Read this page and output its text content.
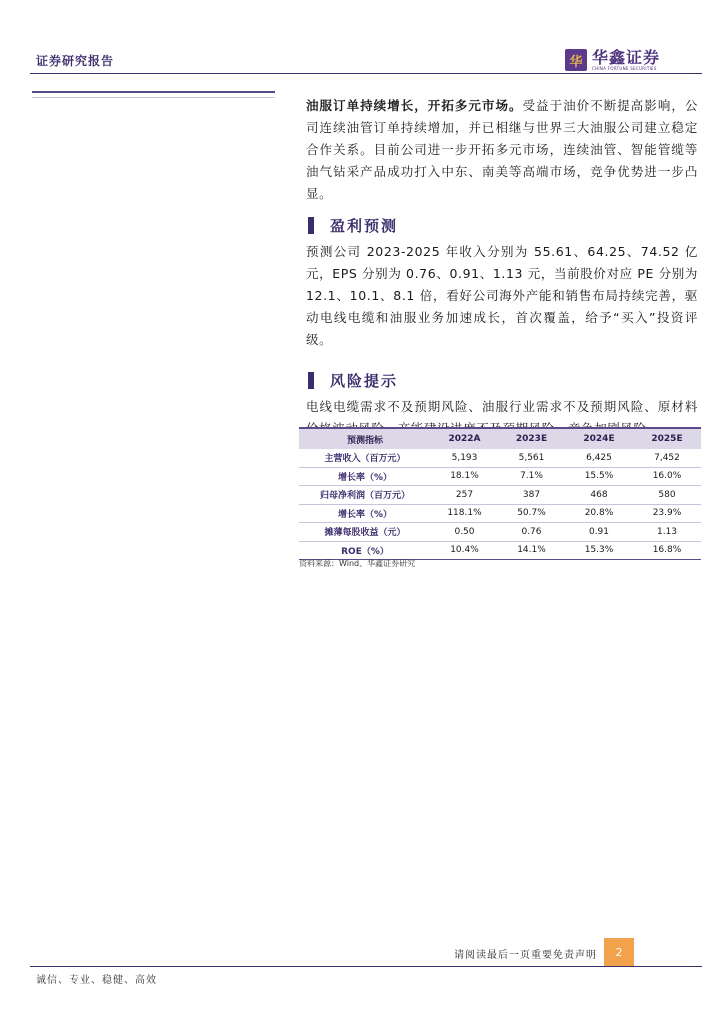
证券研究报告	华 华鑫证券
CHINA FORTUNE SECURITIES

油服订单持续增长，开拓多元市场。受益于油价不断提高影响，公司连续油管订单持续增加，并已相继与世界三大油服公司建立稳定合作关系。目前公司进一步开拓多元市场，连续油管、智能管缆等油气钻采产品成功打入中东、南美等高端市场，竞争优势进一步凸显。

盈利预测

预测公司 2023-2025 年收入分别为 55.61、64.25、74.52 亿元，EPS 分别为 0.76、0.91、1.13 元，当前股价对应 PE 分别为 12.1、10.1、8.1 倍，看好公司海外产能和销售布局持续完善，驱动电线电缆和油服业务加速成长，首次覆盖，给予“买入”投资评级。

风险提示

电线电缆需求不及预期风险、油服行业需求不及预期风险、原材料

预测指标	2022A	2023E	2024E	2025E
主营收入（百万元）	5,193	5,561	6,425	7,452
增长率（%）	18.1%	7.1%	15.5%	16.0%
归母净利润（百万元）	257	387	468	580
增长率（%）	118.1%	50.7%	20.8%	23.9%
摊薄每股收益（元）	0.50	0.76	0.91	1.13
ROE（%）	10.4%	14.1%	15.3%	16.8%
资料来源：Wind、华鑫证券研究
请阅读最后一页重要免责声明	2
诚信、专业、稳健、高效
